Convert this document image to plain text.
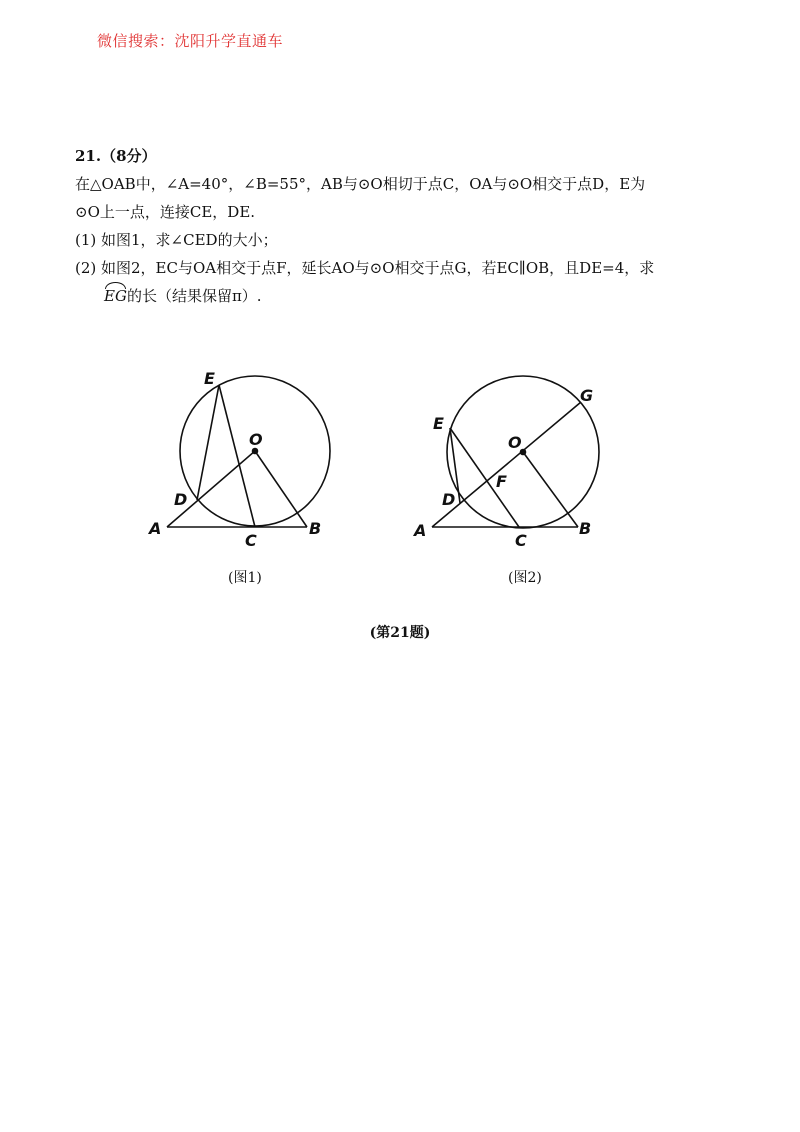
微信搜索：沈阳升学直通车

21.（8分）

在△OAB中，∠A=40°，∠B=55°，AB与⊙O相切于点C，OA与⊙O相交于点D，E为

⊙O上一点，连接CE，DE.

(1) 如图1，求∠CED的大小；

(2) 如图2，EC与OA相交于点F，延长AO与⊙O相交于点G，若EC∥OB，且DE=4，求

EG的长（结果保留π）.

E
O
D
A
C
B
G
E
O
F
D
A
C
B
(图1)	(图2)
(第21题)
